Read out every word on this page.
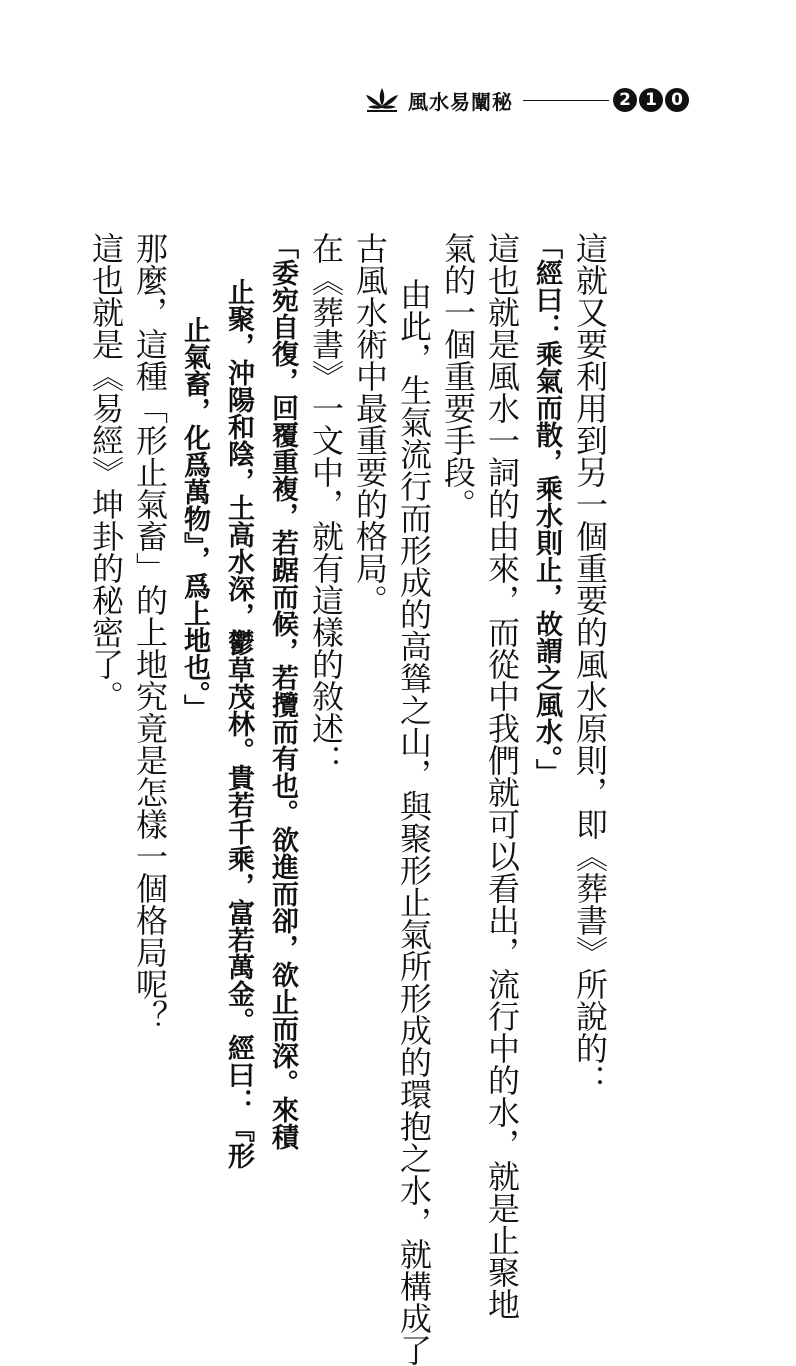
風水易闡秘	2 1 0

這就又要利用到另一個重要的風水原則，即《葬書》所說的：

「經曰：乘氣而散，乘水則止，故謂之風水。」

這也就是風水一詞的由來，而從中我們就可以看出，流行中的水，就是止聚地

氣的一個重要手段。

由此，生氣流行而形成的高聳之山，與聚形止氣所形成的環抱之水，就構成了

古風水術中最重要的格局。

在《葬書》一文中，就有這樣的敘述：

「委宛自復，回覆重複，若踞而候，若攬而有也。欲進而卻，欲止而深。來積

止聚，沖陽和陰，土高水深，鬱草茂林。貴若千乘，富若萬金。經曰：『形

止氣畜，化爲萬物』，爲上地也。」

那麼，這種「形止氣畜」的上地究竟是怎樣一個格局呢？

這也就是《易經》坤卦的秘密了。
